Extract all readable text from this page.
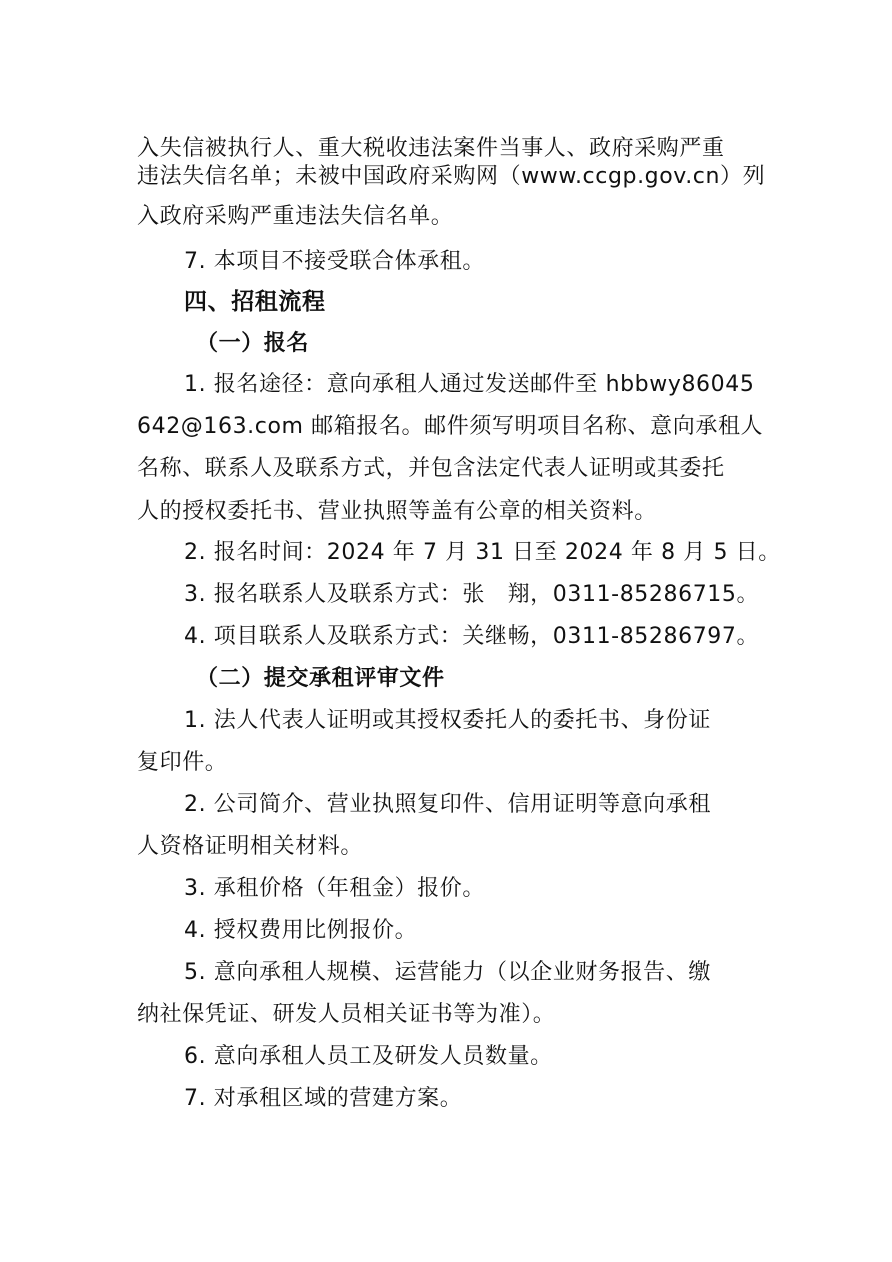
入失信被执行人、重大税收违法案件当事人、政府采购严重
违法失信名单；未被中国政府采购网（www.ccgp.gov.cn）列
入政府采购严重违法失信名单。
7. 本项目不接受联合体承租。
四、招租流程
（一）报名
1. 报名途径：意向承租人通过发送邮件至 hbbwy86045
642@163.com 邮箱报名。邮件须写明项目名称、意向承租人
名称、联系人及联系方式，并包含法定代表人证明或其委托
人的授权委托书、营业执照等盖有公章的相关资料。
2. 报名时间：2024 年 7 月 31 日至 2024 年 8 月 5 日。
3. 报名联系人及联系方式：张　翔，0311-85286715。
4. 项目联系人及联系方式：关继畅，0311-85286797。
（二）提交承租评审文件
1. 法人代表人证明或其授权委托人的委托书、身份证
复印件。
2. 公司简介、营业执照复印件、信用证明等意向承租
人资格证明相关材料。
3. 承租价格（年租金）报价。
4. 授权费用比例报价。
5. 意向承租人规模、运营能力（以企业财务报告、缴
纳社保凭证、研发人员相关证书等为准）。
6. 意向承租人员工及研发人员数量。
7. 对承租区域的营建方案。
